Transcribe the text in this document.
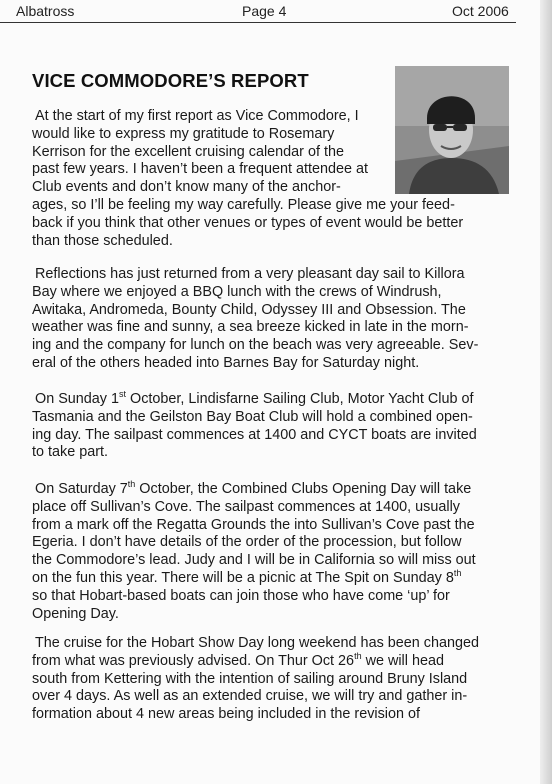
Albatross	Page 4	Oct 2006
VICE COMMODORE’S REPORT

At the start of my first report as Vice Commodore, I
would like to express my gratitude to Rosemary
Kerrison for the excellent cruising calendar of the
past few years. I haven’t been a frequent attendee at
Club events and don’t know many of the anchor-
ages, so I’ll be feeling my way carefully. Please give me your feed-
back if you think that other venues or types of event would be better
than those scheduled.

Reflections has just returned from a very pleasant day sail to Killora
Bay where we enjoyed a BBQ lunch with the crews of Windrush,
Awitaka, Andromeda, Bounty Child, Odyssey III and Obsession. The
weather was fine and sunny, a sea breeze kicked in late in the morn-
ing and the company for lunch on the beach was very agreeable. Sev-
eral of the others headed into Barnes Bay for Saturday night.

On Sunday 1st October, Lindisfarne Sailing Club, Motor Yacht Club of
Tasmania and the Geilston Bay Boat Club will hold a combined open-
ing day. The sailpast commences at 1400 and CYCT boats are invited
to take part.

On Saturday 7th October, the Combined Clubs Opening Day will take
place off Sullivan’s Cove. The sailpast commences at 1400, usually
from a mark off the Regatta Grounds the into Sullivan’s Cove past the
Egeria. I don’t have details of the order of the procession, but follow
the Commodore’s lead. Judy and I will be in California so will miss out
on the fun this year. There will be a picnic at The Spit on Sunday 8th
so that Hobart-based boats can join those who have come ‘up’ for
Opening Day.

The cruise for the Hobart Show Day long weekend has been changed
from what was previously advised. On Thur Oct 26th we will head
south from Kettering with the intention of sailing around Bruny Island
over 4 days. As well as an extended cruise, we will try and gather in-
formation about 4 new areas being included in the revision of
